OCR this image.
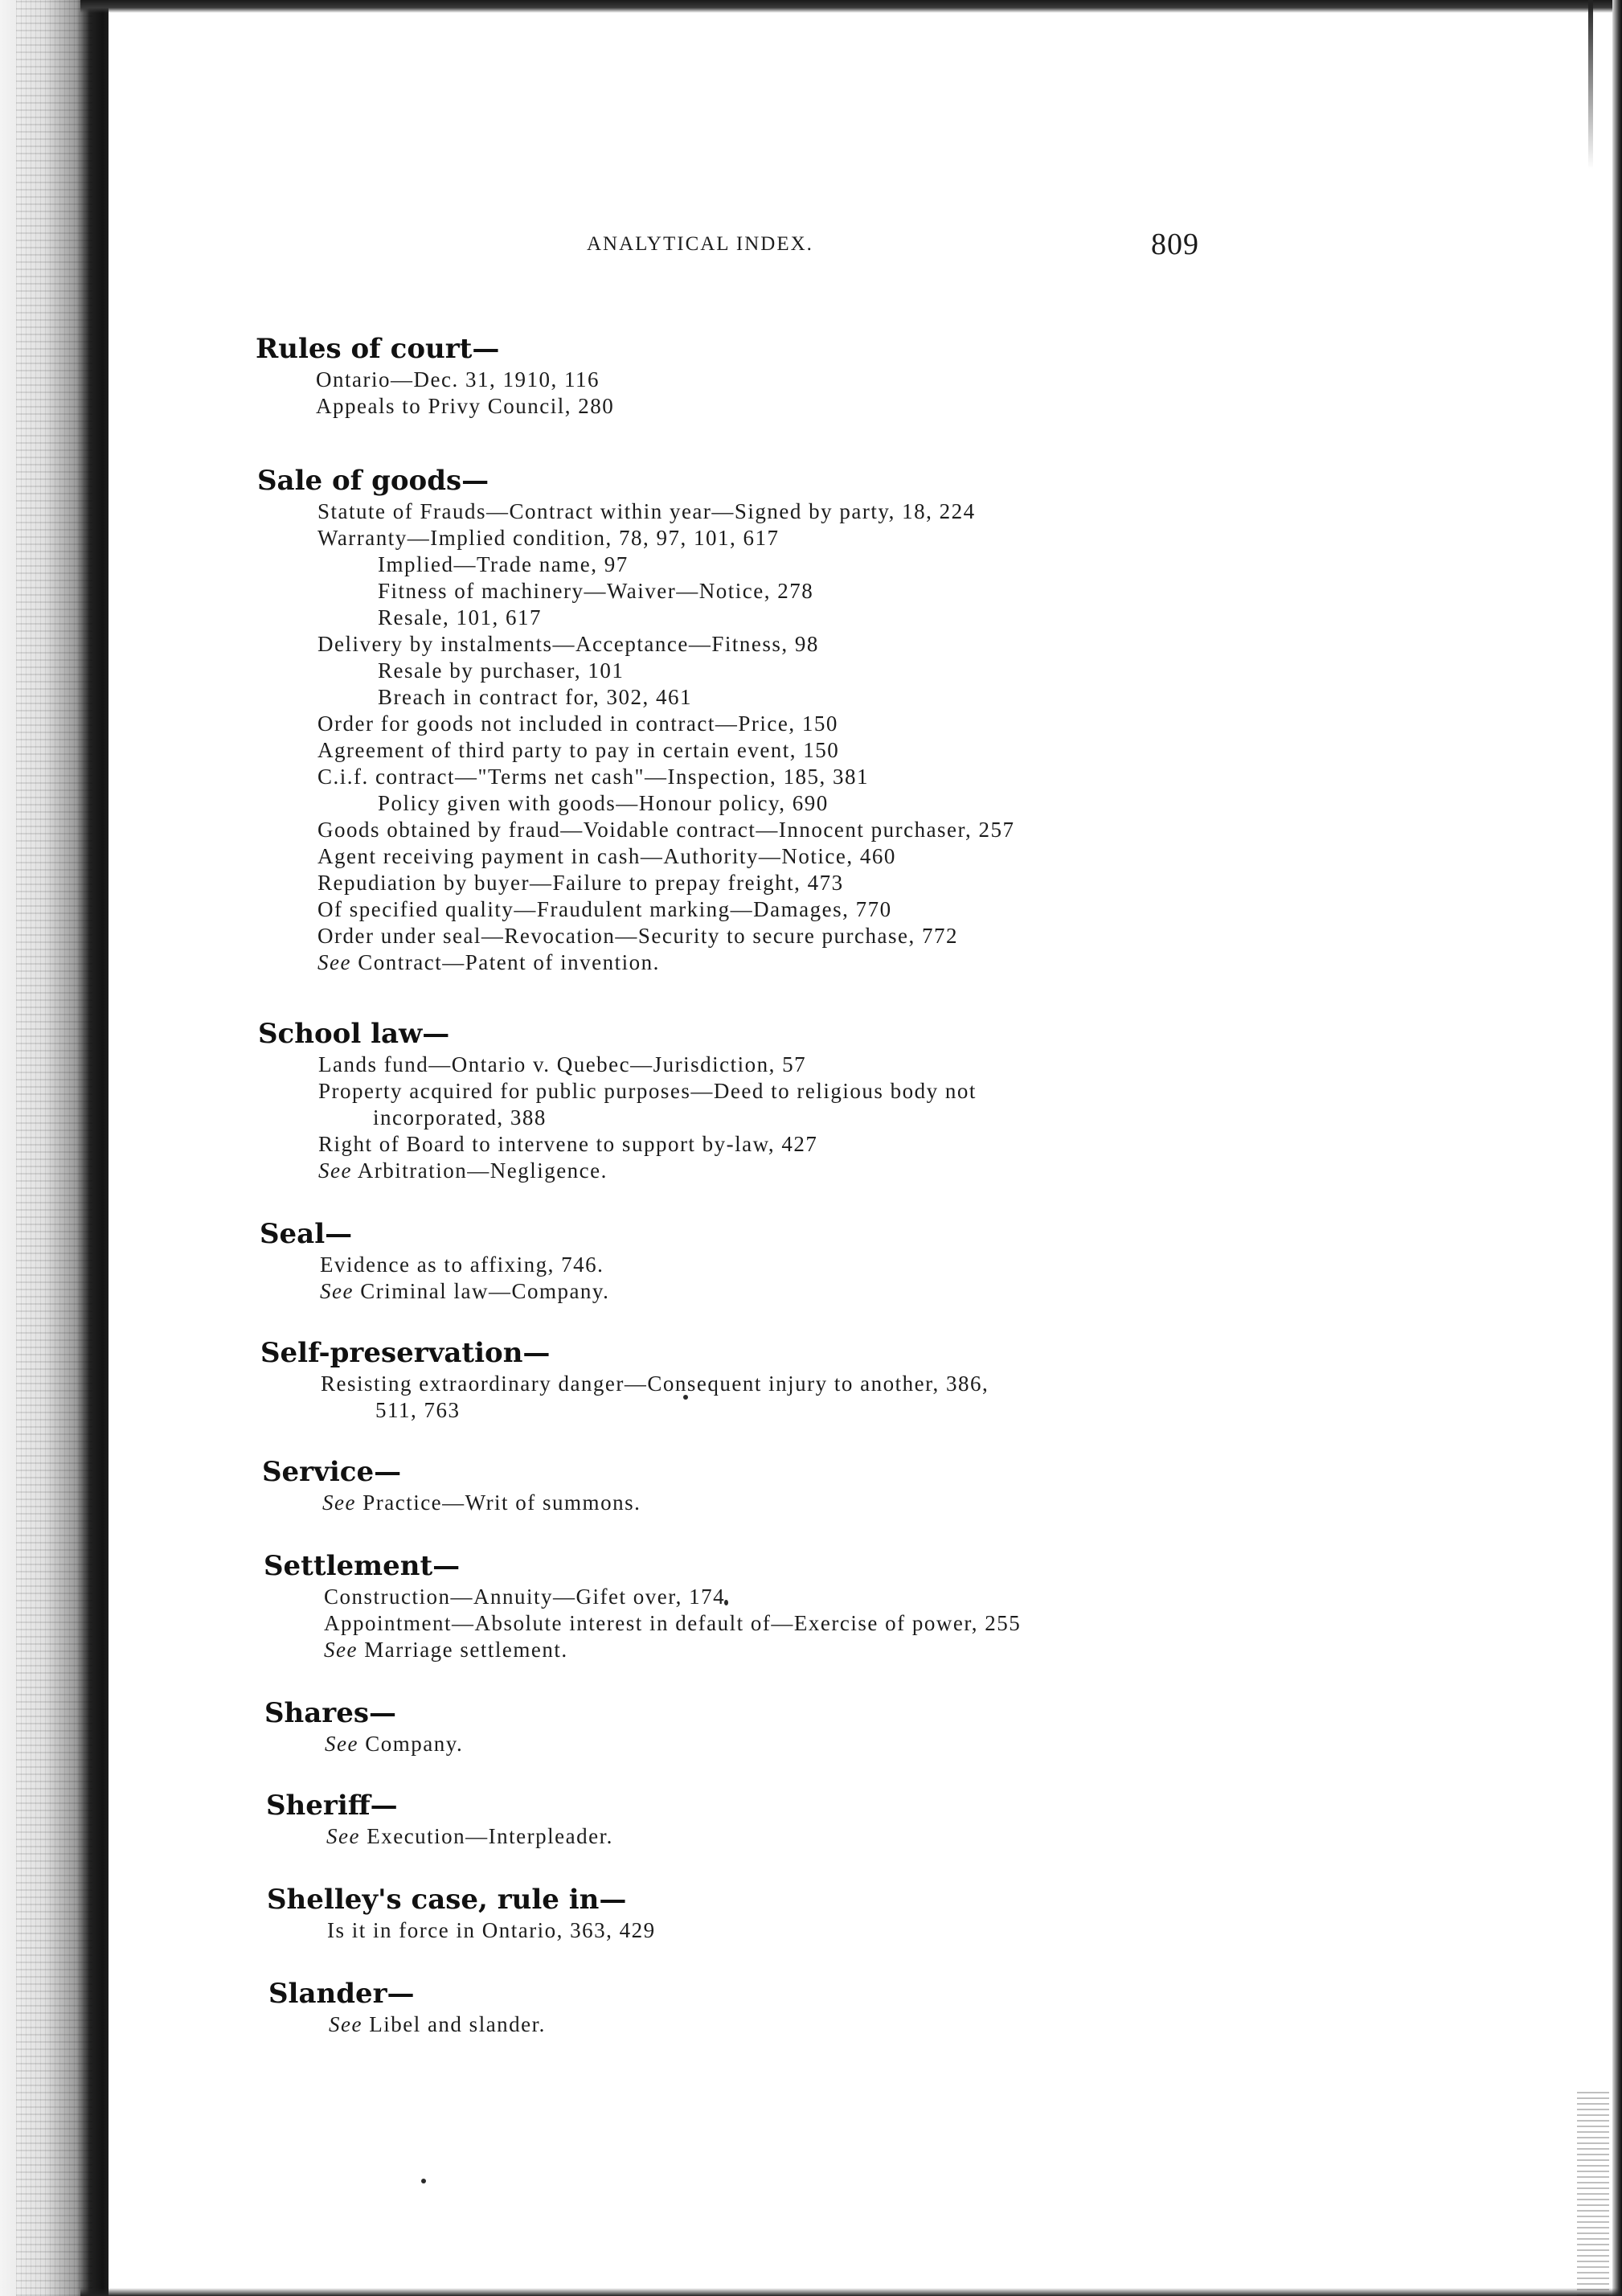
ANALYTICAL INDEX.	809
Rules of court—
Ontario—Dec. 31, 1910, 116
Appeals to Privy Council, 280
Sale of goods—
Statute of Frauds—Contract within year—Signed by party, 18, 224
Warranty—Implied condition, 78, 97, 101, 617
Implied—Trade name, 97
Fitness of machinery—Waiver—Notice, 278
Resale, 101, 617
Delivery by instalments—Acceptance—Fitness, 98
Resale by purchaser, 101
Breach in contract for, 302, 461
Order for goods not included in contract—Price, 150
Agreement of third party to pay in certain event, 150
C.i.f. contract—"Terms net cash"—Inspection, 185, 381
Policy given with goods—Honour policy, 690
Goods obtained by fraud—Voidable contract—Innocent purchaser, 257
Agent receiving payment in cash—Authority—Notice, 460
Repudiation by buyer—Failure to prepay freight, 473
Of specified quality—Fraudulent marking—Damages, 770
Order under seal—Revocation—Security to secure purchase, 772
See Contract—Patent of invention.
School law—
Lands fund—Ontario v. Quebec—Jurisdiction, 57
Property acquired for public purposes—Deed to religious body not
incorporated, 388
Right of Board to intervene to support by-law, 427
See Arbitration—Negligence.
Seal—
Evidence as to affixing, 746.
See Criminal law—Company.
Self-preservation—
Resisting extraordinary danger—Consequent injury to another, 386,
511, 763
Service—
See Practice—Writ of summons.
Settlement—
Construction—Annuity—Gifet over, 174
Appointment—Absolute interest in default of—Exercise of power, 255
See Marriage settlement.
Shares—
See Company.
Sheriff—
See Execution—Interpleader.
Shelley's case, rule in—
Is it in force in Ontario, 363, 429
Slander—
See Libel and slander.
